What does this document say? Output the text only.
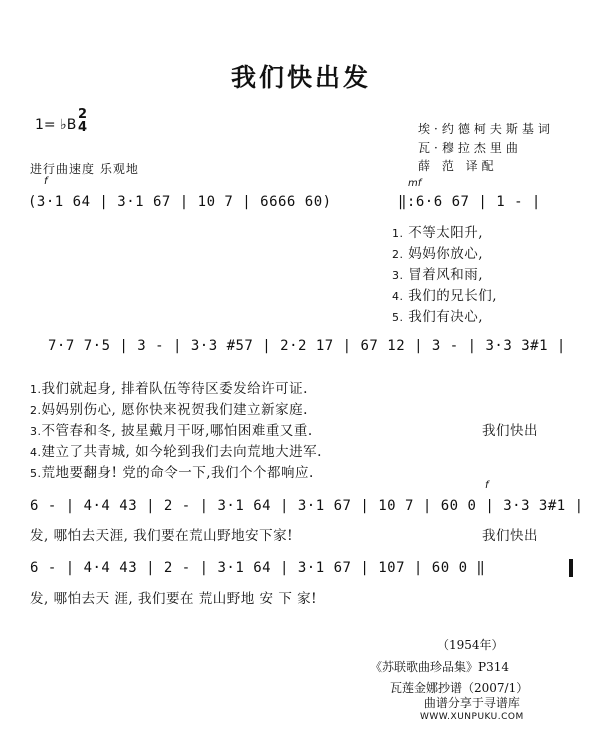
我们快出发
1= ♭B
2
4	埃·约德柯夫斯基词
瓦·穆拉杰里曲
薛 范 译配
进行曲速度 乐观地
f	mf
f
(3·1 64 | 3·1 67 | 10 7 | 6666 60)	‖:6·6 67 | 1 - |
1. 不等太阳升,
2. 妈妈你放心,
3. 冒着风和雨,
4. 我们的兄长们,
5. 我们有决心,
7·7 7·5 | 3 - | 3·3 #57 | 2·2 17 | 67 12 | 3 - | 3·3 3#1 |
1.我们就起身, 排着队伍等待区委发给许可证.
2.妈妈别伤心, 愿你快来祝贺我们建立新家庭.
3.不管春和冬, 披星戴月干呀,哪怕困难重又重.
4.建立了共青城, 如今轮到我们去向荒地大进军.
5.荒地要翻身! 党的命令一下,我们个个都响应.
我们快出
6 - | 4·4 43 | 2 - | 3·1 64 | 3·1 67 | 10 7 | 60 0 | 3·3 3#1 |
发, 哪怕去天涯, 我们要在荒山野地安下家!	我们快出
6 - | 4·4 43 | 2 - | 3·1 64 | 3·1 67 | 107 | 60 0 ‖
发, 哪怕去天 涯, 我们要在 荒山野地 安 下 家!
（1954年）
《苏联歌曲珍品集》P314
瓦莲金娜抄谱（2007/1）
曲谱分享于寻谱库
WWW.XUNPUKU.COM
